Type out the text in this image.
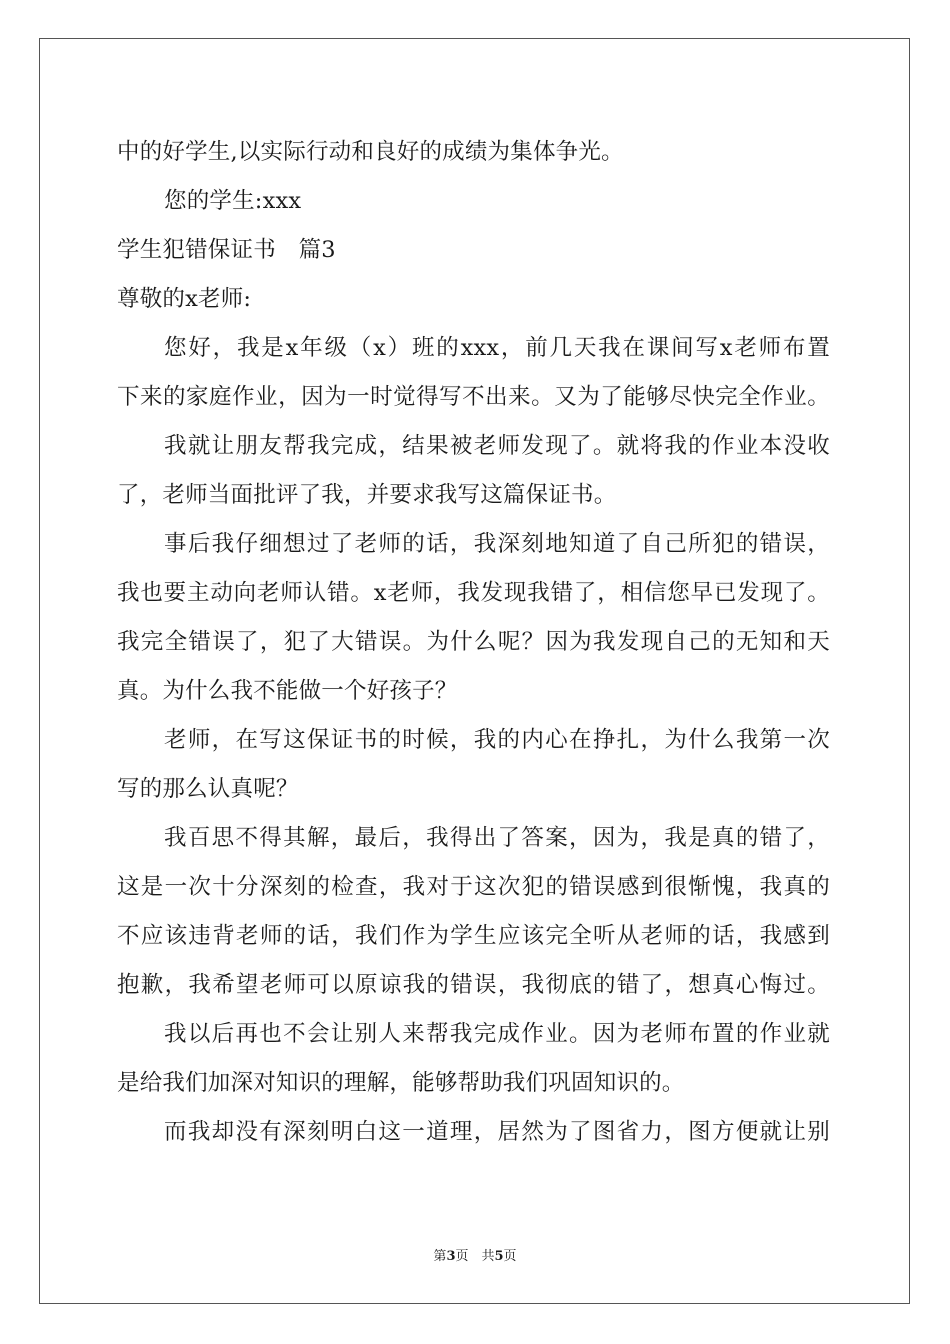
中的好学生,以实际行动和良好的成绩为集体争光。
您的学生:xxx
学生犯错保证书　篇3
尊敬的x老师:
您好，我是x年级（x）班的xxx，前几天我在课间写x老师布置
下来的家庭作业，因为一时觉得写不出来。又为了能够尽快完全作业。
我就让朋友帮我完成，结果被老师发现了。就将我的作业本没收
了，老师当面批评了我，并要求我写这篇保证书。
事后我仔细想过了老师的话，我深刻地知道了自己所犯的错误，
我也要主动向老师认错。x老师，我发现我错了，相信您早已发现了。
我完全错误了，犯了大错误。为什么呢？因为我发现自己的无知和天
真。为什么我不能做一个好孩子？
老师，在写这保证书的时候，我的内心在挣扎，为什么我第一次
写的那么认真呢？
我百思不得其解，最后，我得出了答案，因为，我是真的错了，
这是一次十分深刻的检查，我对于这次犯的错误感到很惭愧，我真的
不应该违背老师的话，我们作为学生应该完全听从老师的话，我感到
抱歉，我希望老师可以原谅我的错误，我彻底的错了，想真心悔过。
我以后再也不会让别人来帮我完成作业。因为老师布置的作业就
是给我们加深对知识的理解，能够帮助我们巩固知识的。
而我却没有深刻明白这一道理，居然为了图省力，图方便就让别
第3页　共5页
